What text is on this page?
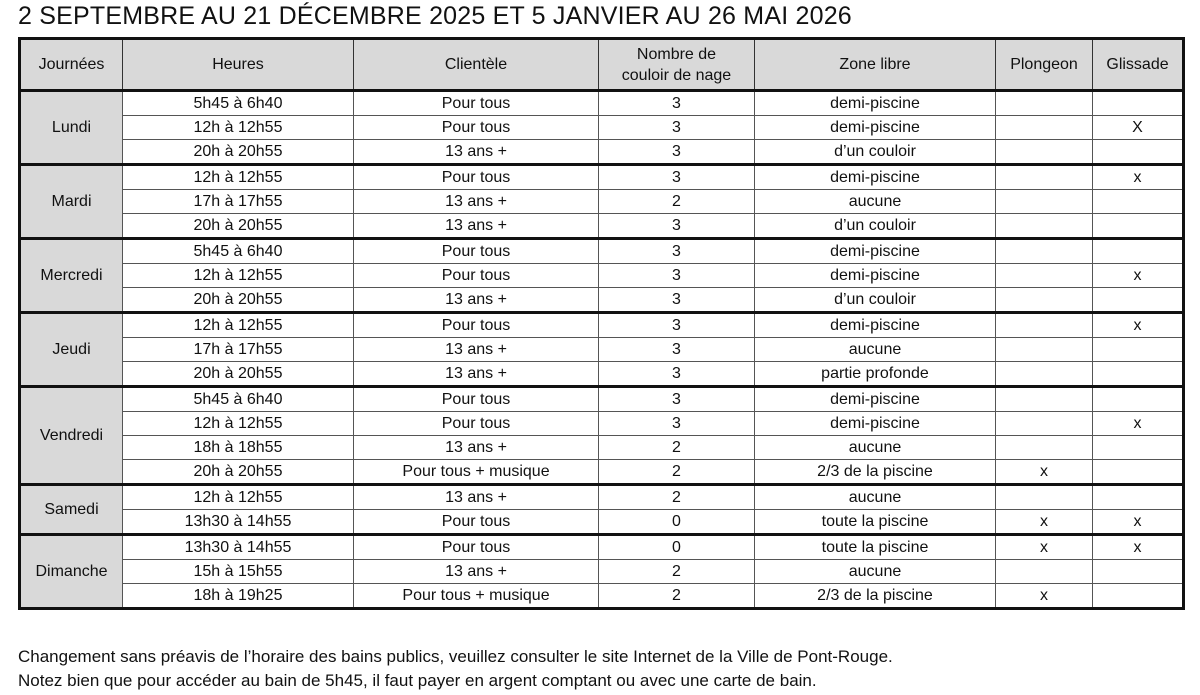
2 SEPTEMBRE AU 21 DÉCEMBRE 2025 ET 5 JANVIER AU 26 MAI 2026
Journées	Heures	Clientèle	Nombre de
couloir de nage	Zone libre	Plongeon	Glissade
Lundi	5h45 à 6h40	Pour tous	3	demi-piscine		
	12h à 12h55	Pour tous	3	demi-piscine		X
	20h à 20h55	13 ans +	3	d’un couloir		
Mardi	12h à 12h55	Pour tous	3	demi-piscine		x
	17h à 17h55	13 ans +	2	aucune		
	20h à 20h55	13 ans +	3	d’un couloir		
Mercredi	5h45 à 6h40	Pour tous	3	demi-piscine		
	12h à 12h55	Pour tous	3	demi-piscine		x
	20h à 20h55	13 ans +	3	d’un couloir		
Jeudi	12h à 12h55	Pour tous	3	demi-piscine		x
	17h à 17h55	13 ans +	3	aucune		
	20h à 20h55	13 ans +	3	partie profonde		
Vendredi	5h45 à 6h40	Pour tous	3	demi-piscine		
	12h à 12h55	Pour tous	3	demi-piscine		x
	18h à 18h55	13 ans +	2	aucune		
	20h à 20h55	Pour tous + musique	2	2/3 de la piscine	x	
Samedi	12h à 12h55	13 ans +	2	aucune		
	13h30 à 14h55	Pour tous	0	toute la piscine	x	x
Dimanche	13h30 à 14h55	Pour tous	0	toute la piscine	x	x
	15h à 15h55	13 ans +	2	aucune		
	18h à 19h25	Pour tous + musique	2	2/3 de la piscine	x	
Changement sans préavis de l’horaire des bains publics, veuillez consulter le site Internet de la Ville de Pont-Rouge.
Notez bien que pour accéder au bain de 5h45, il faut payer en argent comptant ou avec une carte de bain.
